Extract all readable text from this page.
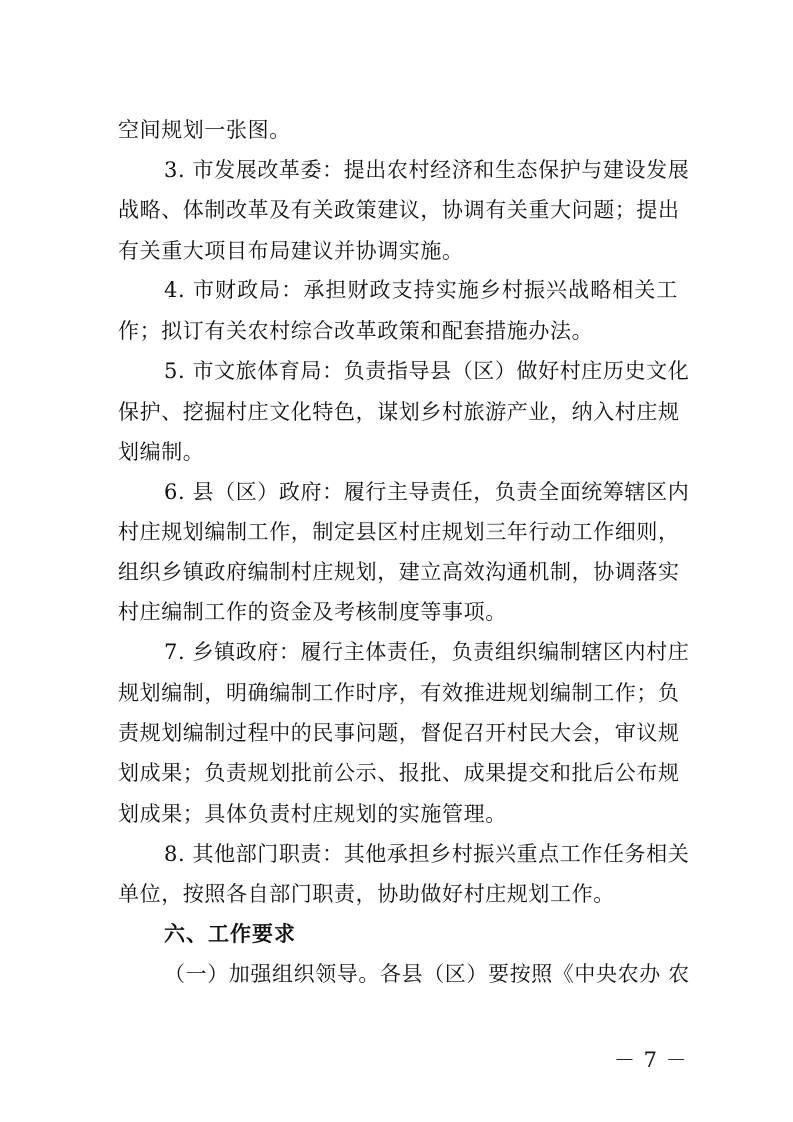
空间规划一张图。
3. 市发展改革委：提出农村经济和生态保护与建设发展
战略、体制改革及有关政策建议，协调有关重大问题；提出
有关重大项目布局建议并协调实施。
4. 市财政局：承担财政支持实施乡村振兴战略相关工
作；拟订有关农村综合改革政策和配套措施办法。
5. 市文旅体育局：负责指导县（区）做好村庄历史文化
保护、挖掘村庄文化特色，谋划乡村旅游产业，纳入村庄规
划编制。
6. 县（区）政府：履行主导责任，负责全面统筹辖区内
村庄规划编制工作，制定县区村庄规划三年行动工作细则，
组织乡镇政府编制村庄规划，建立高效沟通机制，协调落实
村庄编制工作的资金及考核制度等事项。
7. 乡镇政府：履行主体责任，负责组织编制辖区内村庄
规划编制，明确编制工作时序，有效推进规划编制工作；负
责规划编制过程中的民事问题，督促召开村民大会，审议规
划成果；负责规划批前公示、报批、成果提交和批后公布规
划成果；具体负责村庄规划的实施管理。
8. 其他部门职责：其他承担乡村振兴重点工作任务相关
单位，按照各自部门职责，协助做好村庄规划工作。
六、工作要求
（一）加强组织领导。各县（区）要按照《中央农办 农
－ 7 －
